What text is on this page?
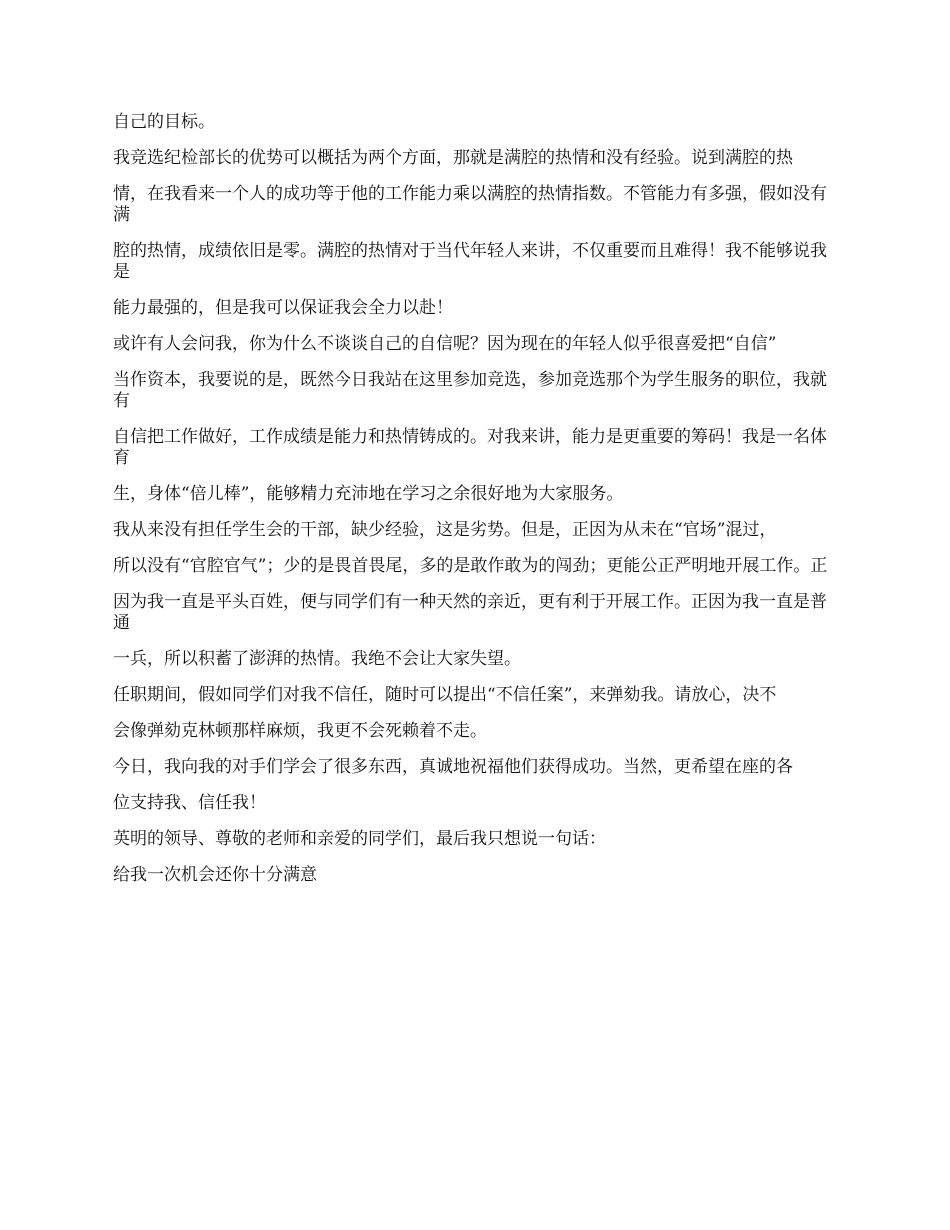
自己的目标。

我竞选纪检部长的优势可以概括为两个方面，那就是满腔的热情和没有经验。说到满腔的热

情，在我看来一个人的成功等于他的工作能力乘以满腔的热情指数。不管能力有多强，假如没有满

腔的热情，成绩依旧是零。满腔的热情对于当代年轻人来讲，不仅重要而且难得！我不能够说我是

能力最强的，但是我可以保证我会全力以赴！

或许有人会问我，你为什么不谈谈自己的自信呢？因为现在的年轻人似乎很喜爱把“自信”

当作资本，我要说的是，既然今日我站在这里参加竞选，参加竞选那个为学生服务的职位，我就有

自信把工作做好，工作成绩是能力和热情铸成的。对我来讲，能力是更重要的筹码！我是一名体育

生，身体“倍儿棒”，能够精力充沛地在学习之余很好地为大家服务。

我从来没有担任学生会的干部，缺少经验，这是劣势。但是，正因为从未在“官场”混过，

所以没有“官腔官气”；少的是畏首畏尾，多的是敢作敢为的闯劲；更能公正严明地开展工作。正

因为我一直是平头百姓，便与同学们有一种天然的亲近，更有利于开展工作。正因为我一直是普通

一兵，所以积蓄了澎湃的热情。我绝不会让大家失望。

任职期间，假如同学们对我不信任，随时可以提出“不信任案”，来弹劾我。请放心，决不

会像弹劾克林顿那样麻烦，我更不会死赖着不走。

今日，我向我的对手们学会了很多东西，真诚地祝福他们获得成功。当然，更希望在座的各

位支持我、信任我！

英明的领导、尊敬的老师和亲爱的同学们，最后我只想说一句话：

给我一次机会还你十分满意
